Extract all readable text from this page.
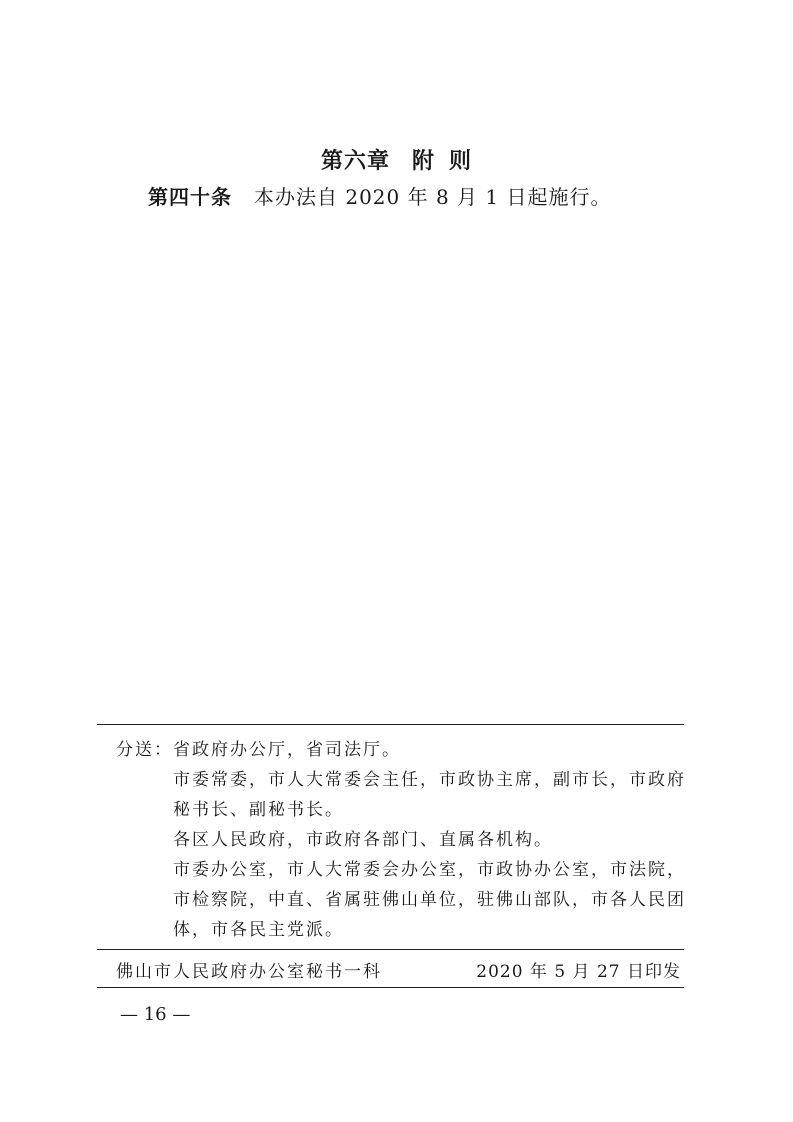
第六章 附 则
第四十条 本办法自 2020 年 8 月 1 日起施行。
分送：省政府办公厅，省司法厅。
市委常委，市人大常委会主任，市政协主席，副市长，市政府
秘书长、副秘书长。
各区人民政府，市政府各部门、直属各机构。
市委办公室，市人大常委会办公室，市政协办公室，市法院，
市检察院，中直、省属驻佛山单位，驻佛山部队，市各人民团
体，市各民主党派。
佛山市人民政府办公室秘书一科	2020 年 5 月 27 日印发
— 16 —
